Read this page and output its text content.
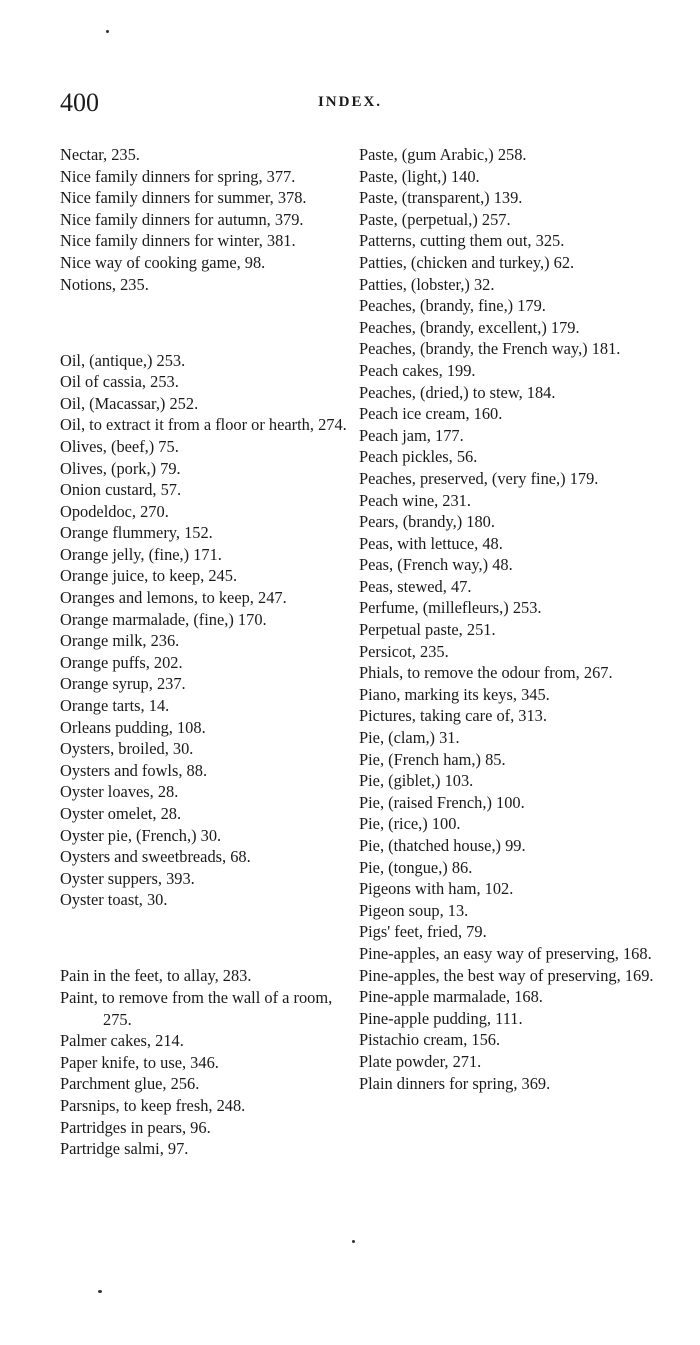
400	INDEX.

Nectar, 235.

Nice family dinners for spring, 377.

Nice family dinners for summer, 378.

Nice family dinners for autumn, 379.

Nice family dinners for winter, 381.

Nice way of cooking game, 98.

Notions, 235.

Oil, (antique,) 253.

Oil of cassia, 253.

Oil, (Macassar,) 252.

Oil, to extract it from a floor or hearth, 274.

Olives, (beef,) 75.

Olives, (pork,) 79.

Onion custard, 57.

Opodeldoc, 270.

Orange flummery, 152.

Orange jelly, (fine,) 171.

Orange juice, to keep, 245.

Oranges and lemons, to keep, 247.

Orange marmalade, (fine,) 170.

Orange milk, 236.

Orange puffs, 202.

Orange syrup, 237.

Orange tarts, 14.

Orleans pudding, 108.

Oysters, broiled, 30.

Oysters and fowls, 88.

Oyster loaves, 28.

Oyster omelet, 28.

Oyster pie, (French,) 30.

Oysters and sweetbreads, 68.

Oyster suppers, 393.

Oyster toast, 30.

Pain in the feet, to allay, 283.

Paint, to remove from the wall of a room, 275.

Palmer cakes, 214.

Paper knife, to use, 346.

Parchment glue, 256.

Parsnips, to keep fresh, 248.

Partridges in pears, 96.

Partridge salmi, 97.

Paste, (gum Arabic,) 258.

Paste, (light,) 140.

Paste, (transparent,) 139.

Paste, (perpetual,) 257.

Patterns, cutting them out, 325.

Patties, (chicken and turkey,) 62.

Patties, (lobster,) 32.

Peaches, (brandy, fine,) 179.

Peaches, (brandy, excellent,) 179.

Peaches, (brandy, the French way,) 181.

Peach cakes, 199.

Peaches, (dried,) to stew, 184.

Peach ice cream, 160.

Peach jam, 177.

Peach pickles, 56.

Peaches, preserved, (very fine,) 179.

Peach wine, 231.

Pears, (brandy,) 180.

Peas, with lettuce, 48.

Peas, (French way,) 48.

Peas, stewed, 47.

Perfume, (millefleurs,) 253.

Perpetual paste, 251.

Persicot, 235.

Phials, to remove the odour from, 267.

Piano, marking its keys, 345.

Pictures, taking care of, 313.

Pie, (clam,) 31.

Pie, (French ham,) 85.

Pie, (giblet,) 103.

Pie, (raised French,) 100.

Pie, (rice,) 100.

Pie, (thatched house,) 99.

Pie, (tongue,) 86.

Pigeons with ham, 102.

Pigeon soup, 13.

Pigs' feet, fried, 79.

Pine-apples, an easy way of preserving, 168.

Pine-apples, the best way of preserving, 169.

Pine-apple marmalade, 168.

Pine-apple pudding, 111.

Pistachio cream, 156.

Plate powder, 271.

Plain dinners for spring, 369.
